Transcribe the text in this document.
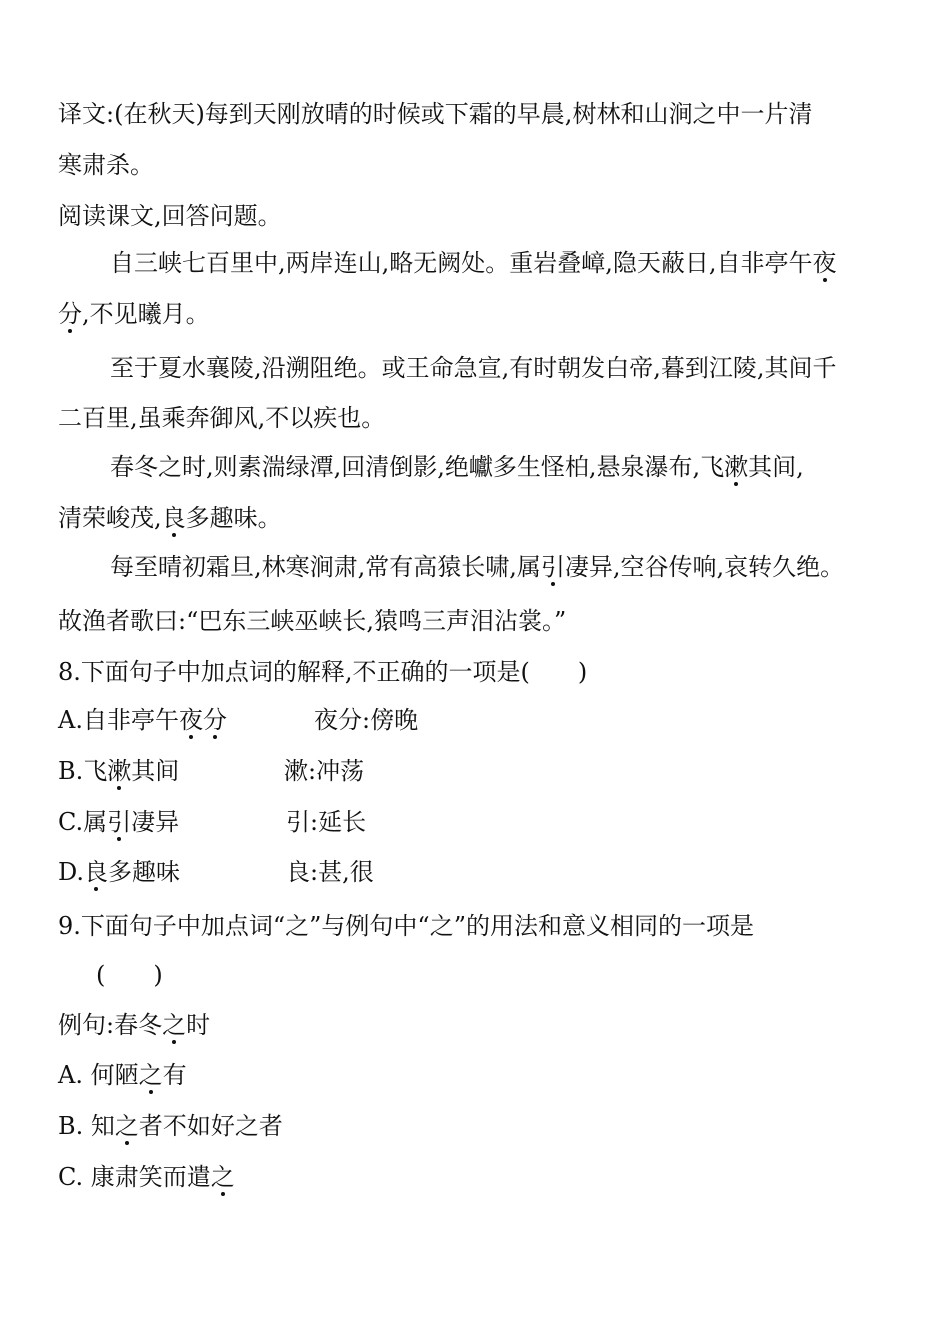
译文:(在秋天)每到天刚放晴的时候或下霜的早晨,树林和山涧之中一片清
寒肃杀。
阅读课文,回答问题。
自三峡七百里中,两岸连山,略无阙处。重岩叠嶂,隐天蔽日,自非亭午夜
分,不见曦月。
至于夏水襄陵,沿溯阻绝。或王命急宣,有时朝发白帝,暮到江陵,其间千
二百里,虽乘奔御风,不以疾也。
春冬之时,则素湍绿潭,回清倒影,绝巘多生怪柏,悬泉瀑布,飞漱其间,
清荣峻茂,良多趣味。
每至晴初霜旦,林寒涧肃,常有高猿长啸,属引凄异,空谷传响,哀转久绝。
故渔者歌曰:“巴东三峡巫峡长,猿鸣三声泪沾裳。”
8.下面句子中加点词的解释,不正确的一项是(　　)
A.自非亭午夜分	夜分:傍晚
B.飞漱其间	漱:冲荡
C.属引凄异	引:延长
D.良多趣味	良:甚,很
9.下面句子中加点词“之”与例句中“之”的用法和意义相同的一项是
(　　)
例句:春冬之时
A. 何陋之有
B. 知之者不如好之者
C. 康肃笑而遣之
